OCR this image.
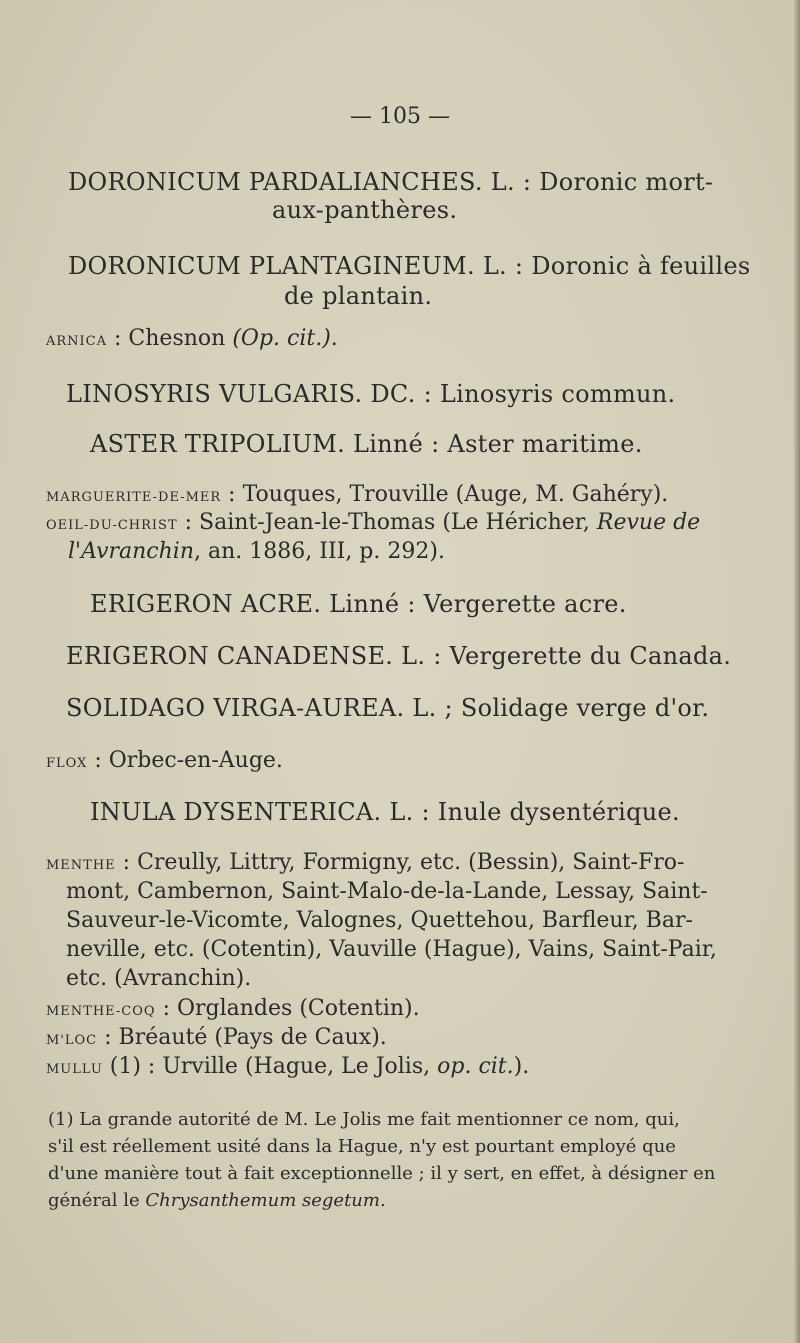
— 105 —
DORONICUM PARDALIANCHES. L. : Doronic mort-
aux-panthères.
DORONICUM PLANTAGINEUM. L. : Doronic à feuilles
de plantain.
ARNICA : Chesnon (Op. cit.).
LINOSYRIS VULGARIS. DC. : Linosyris commun.
ASTER TRIPOLIUM. Linné : Aster maritime.
MARGUERITE-DE-MER : Touques, Trouville (Auge, M. Gahéry).
OEIL-DU-CHRIST : Saint-Jean-le-Thomas (Le Héricher, Revue de
l'Avranchin, an. 1886, III, p. 292).
ERIGERON ACRE. Linné : Vergerette acre.
ERIGERON CANADENSE. L. : Vergerette du Canada.
SOLIDAGO VIRGA-AUREA. L. ; Solidage verge d'or.
FLOX : Orbec-en-Auge.
INULA DYSENTERICA. L. : Inule dysentérique.
MENTHE : Creully, Littry, Formigny, etc. (Bessin), Saint-Fro-
mont, Cambernon, Saint-Malo-de-la-Lande, Lessay, Saint-
Sauveur-le-Vicomte, Valognes, Quettehou, Barfleur, Bar-
neville, etc. (Cotentin), Vauville (Hague), Vains, Saint-Pair,
etc. (Avranchin).
MENTHE-COQ : Orglandes (Cotentin).
M'LOC : Bréauté (Pays de Caux).
MULLU (1) : Urville (Hague, Le Jolis, op. cit.).

(1) La grande autorité de M. Le Jolis me fait mentionner ce nom, qui,

s'il est réellement usité dans la Hague, n'y est pourtant employé que

d'une manière tout à fait exceptionnelle ; il y sert, en effet, à désigner en

général le Chrysanthemum segetum.
